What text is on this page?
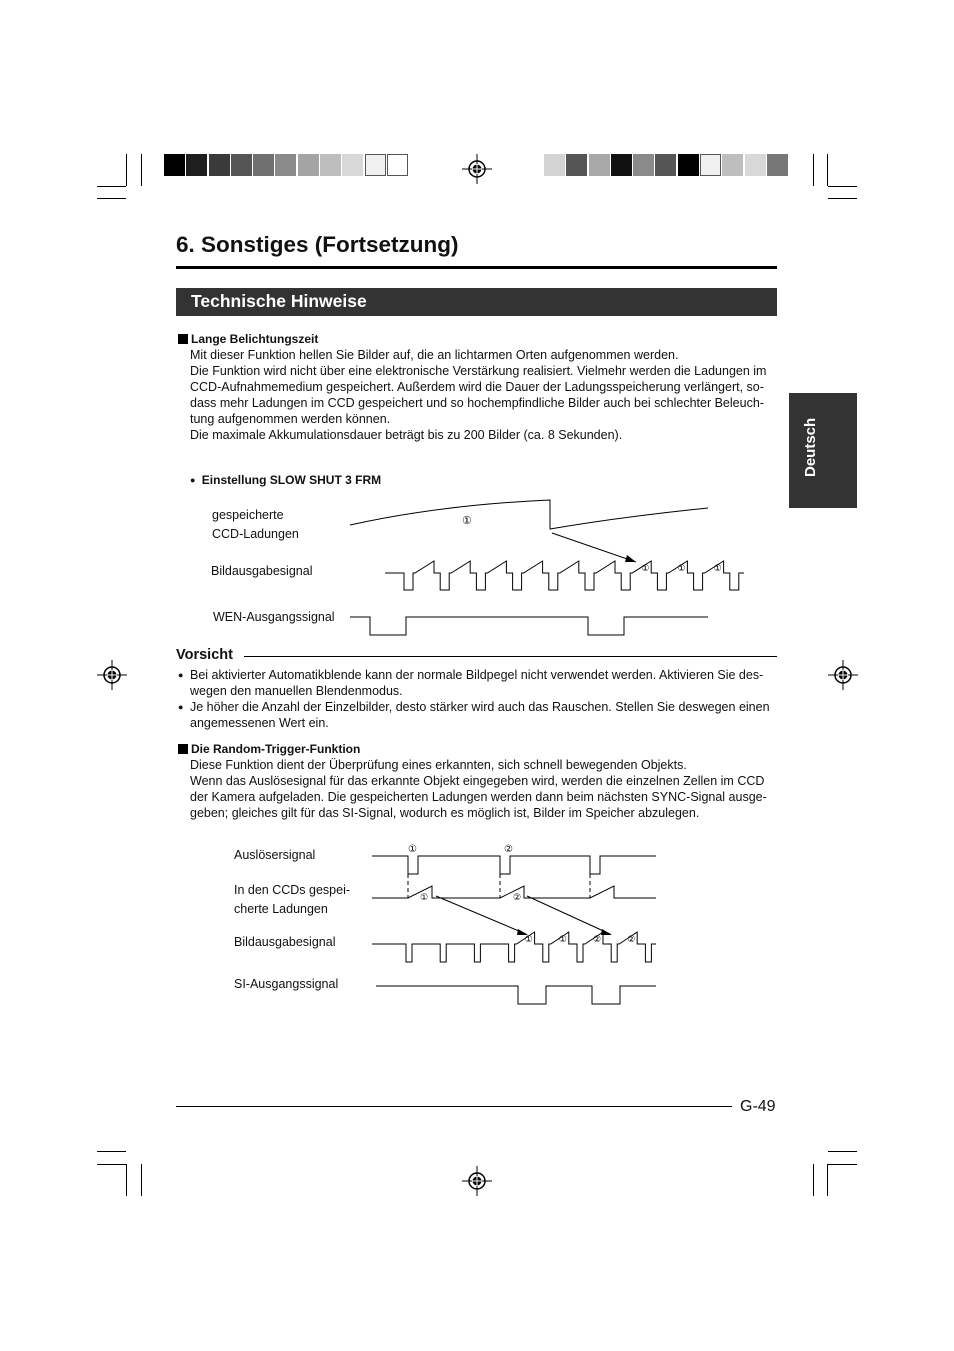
6. Sonstiges (Fortsetzung)
Technische Hinweise
Deutsch
Lange Belichtungszeit

Mit dieser Funktion hellen Sie Bilder auf, die an lichtarmen Orten aufgenommen werden.

Die Funktion wird nicht über eine elektronische Verstärkung realisiert. Vielmehr werden die Ladungen im CCD-Aufnahmemedium gespeichert. Außerdem wird die Dauer der Ladungsspeicherung verlängert, so-dass mehr Ladungen im CCD gespeichert und so hochempfindliche Bilder auch bei schlechter Beleuch-tung aufgenommen werden können.

Die maximale Akkumulationsdauer beträgt bis zu 200 Bilder (ca. 8 Sekunden).

● Einstellung SLOW SHUT 3 FRM
gespeicherte
CCD-Ladungen
Bildausgabesignal
WEN-Ausgangssignal
①
①	①	①
Vorsicht
● Bei aktivierter Automatikblende kann der normale Bildpegel nicht verwendet werden. Aktivieren Sie des-wegen den manuellen Blendenmodus.
● Je höher die Anzahl der Einzelbilder, desto stärker wird auch das Rauschen. Stellen Sie deswegen einen angemessenen Wert ein.
Die Random-Trigger-Funktion

Diese Funktion dient der Überprüfung eines erkannten, sich schnell bewegenden Objekts.

Wenn das Auslösesignal für das erkannte Objekt eingegeben wird, werden die einzelnen Zellen im CCD der Kamera aufgeladen. Die gespeicherten Ladungen werden dann beim nächsten SYNC-Signal ausge-geben; gleiches gilt für das SI-Signal, wodurch es möglich ist, Bilder im Speicher abzulegen.

Auslösersignal
In den CCDs gespei-
cherte Ladungen
Bildausgabesignal
SI-Ausgangssignal
①	②
①	②
①	①	②	②
G-49
